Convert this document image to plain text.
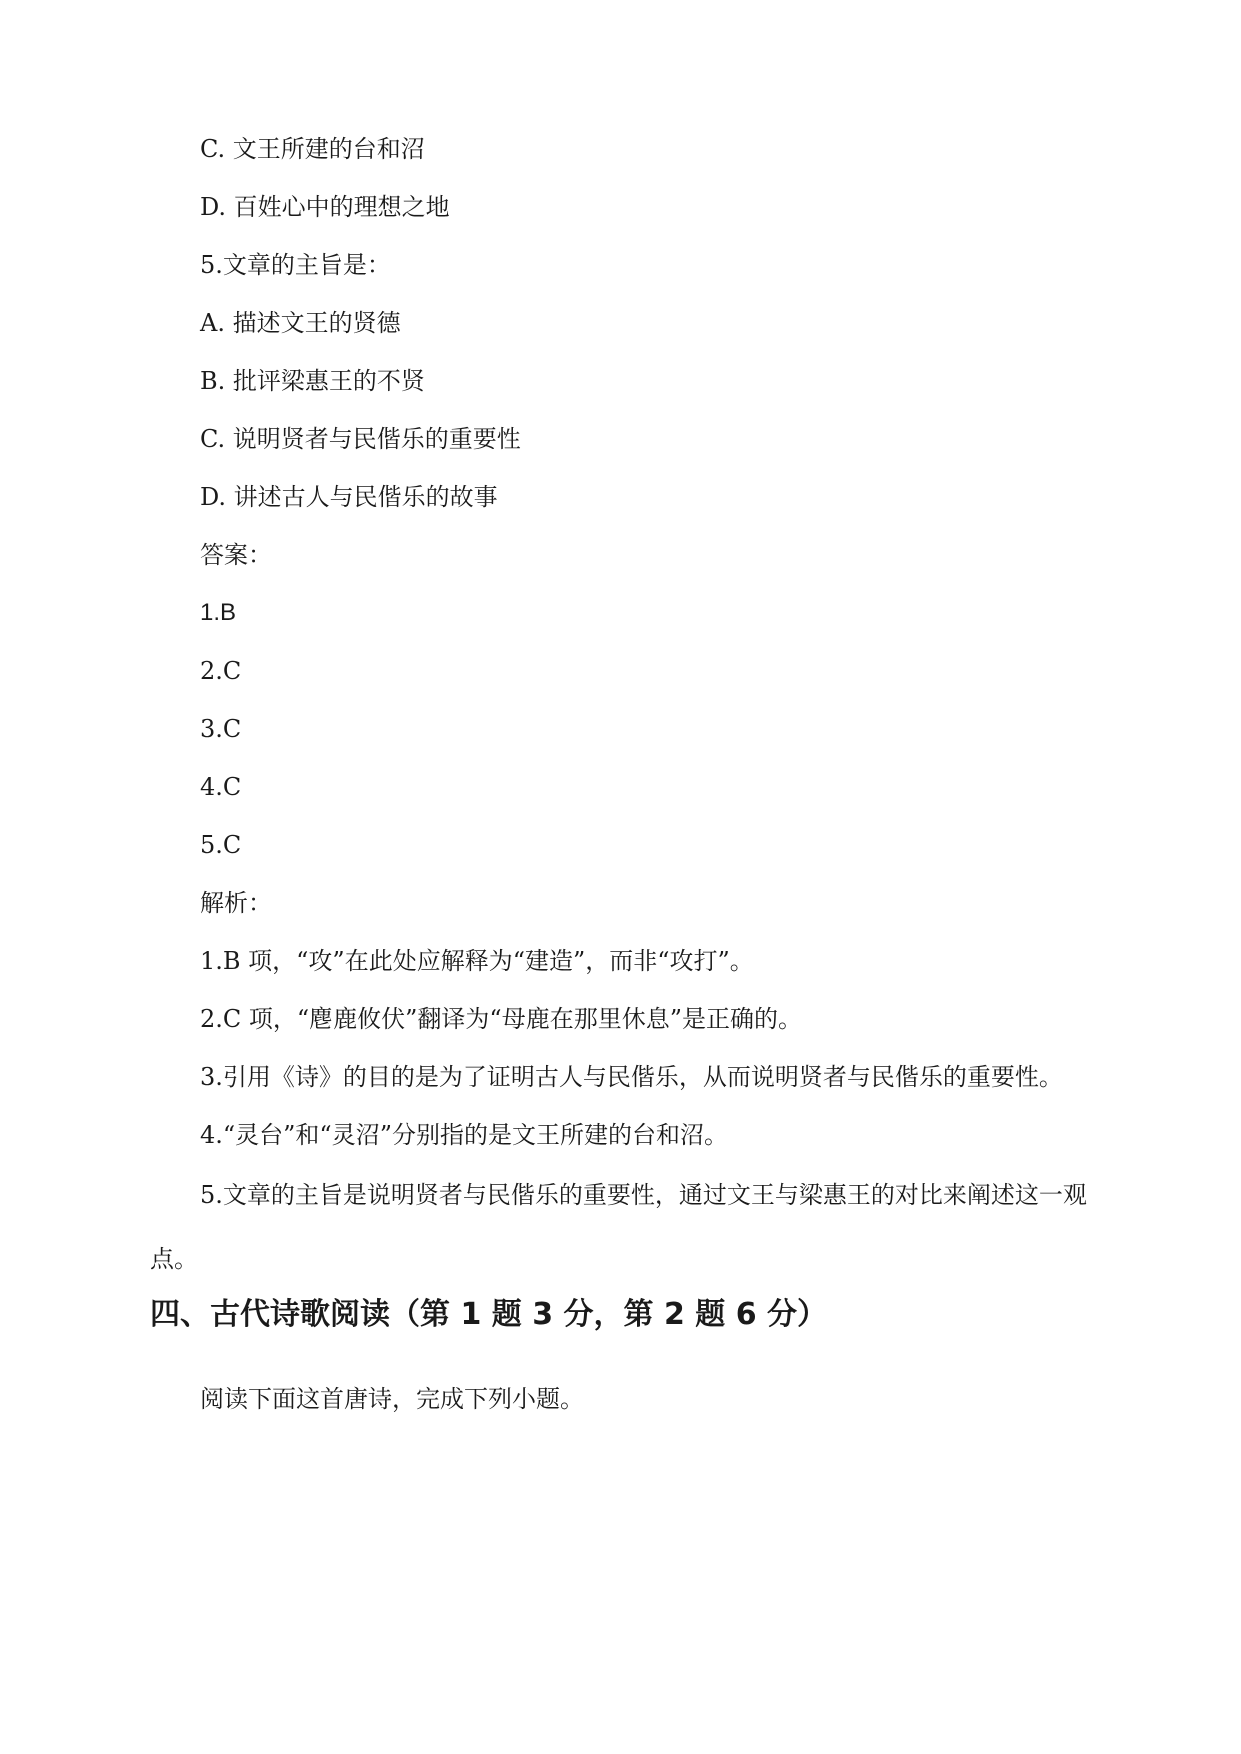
C. 文王所建的台和沼
D. 百姓心中的理想之地
5.文章的主旨是：
A. 描述文王的贤德
B. 批评梁惠王的不贤
C. 说明贤者与民偕乐的重要性
D. 讲述古人与民偕乐的故事
答案：
1.B
2.C
3.C
4.C
5.C
解析：
1.B 项，“攻”在此处应解释为“建造”，而非“攻打”。
2.C 项，“麀鹿攸伏”翻译为“母鹿在那里休息”是正确的。
3.引用《诗》的目的是为了证明古人与民偕乐，从而说明贤者与民偕乐的重要性。
4.“灵台”和“灵沼”分别指的是文王所建的台和沼。
5.文章的主旨是说明贤者与民偕乐的重要性，通过文王与梁惠王的对比来阐述这一观点。
四、古代诗歌阅读（第 1 题 3 分，第 2 题 6 分）
阅读下面这首唐诗，完成下列小题。
